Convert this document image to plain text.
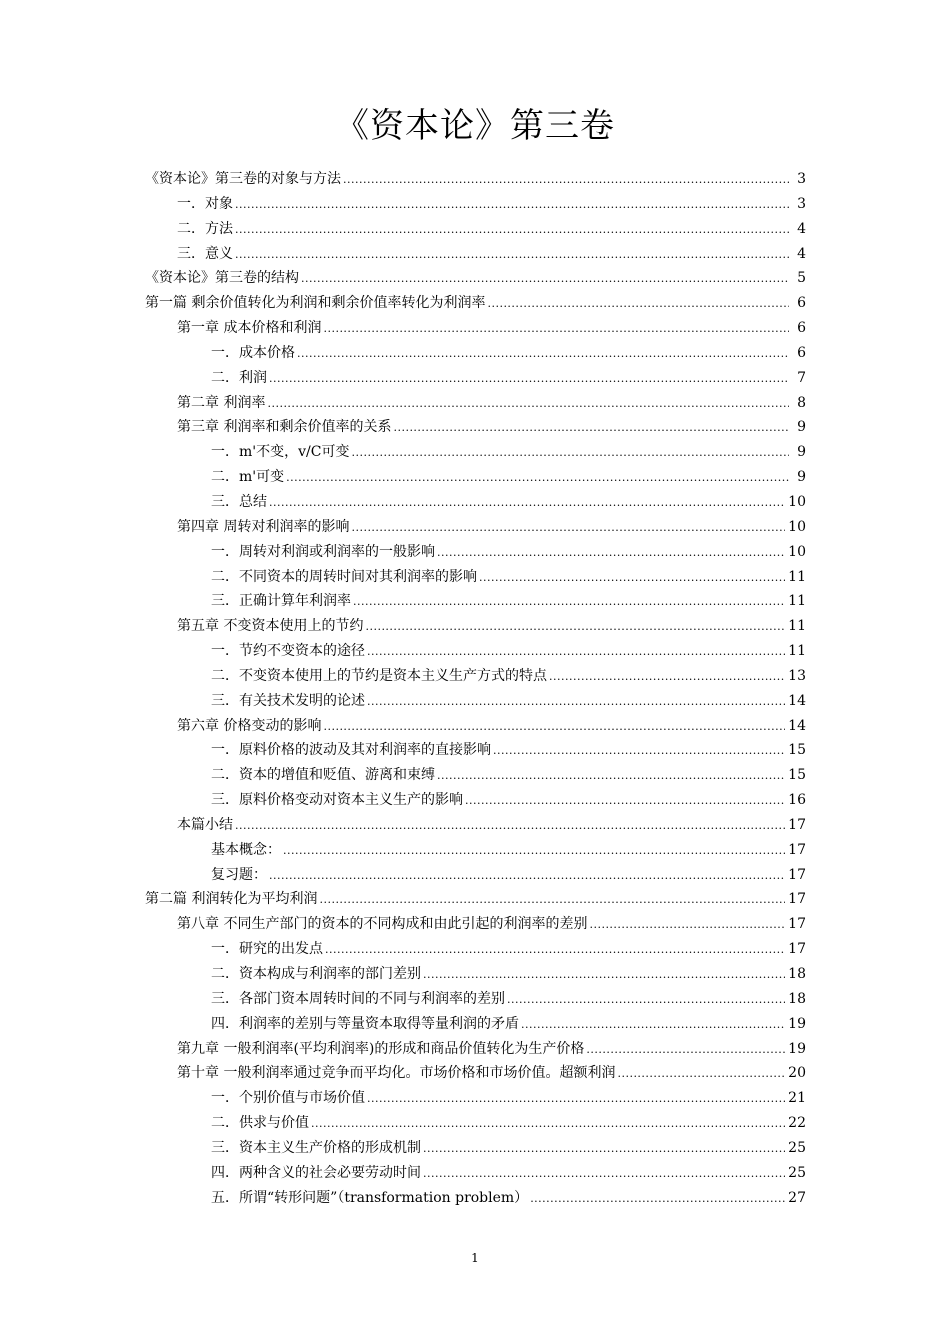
《资本论》第三卷
《资本论》第三卷的对象与方法 .....	3
一．对象 .....	3
二．方法 .....	4
三．意义 .....	4
《资本论》第三卷的结构 .....	5
第一篇 剩余价值转化为利润和剩余价值率转化为利润率 .....	6
第一章 成本价格和利润 .....	6
一．成本价格 .....	6
二．利润 .....	7
第二章 利润率 .....	8
第三章 利润率和剩余价值率的关系 .....	9
一．m'不变，v/C可变 .....	9
二．m'可变 .....	9
三．总结 .....	10
第四章 周转对利润率的影响 .....	10
一．周转对利润或利润率的一般影响 .....	10
二．不同资本的周转时间对其利润率的影响 .....	11
三．正确计算年利润率 .....	11
第五章 不变资本使用上的节约 .....	11
一．节约不变资本的途径 .....	11
二．不变资本使用上的节约是资本主义生产方式的特点 .....	13
三．有关技术发明的论述 .....	14
第六章 价格变动的影响 .....	14
一．原料价格的波动及其对利润率的直接影响 .....	15
二．资本的增值和贬值、游离和束缚 .....	15
三．原料价格变动对资本主义生产的影响 .....	16
本篇小结 .....	17
基本概念： .....	17
复习题： .....	17
第二篇 利润转化为平均利润 .....	17
第八章 不同生产部门的资本的不同构成和由此引起的利润率的差别 .....	17
一．研究的出发点 .....	17
二．资本构成与利润率的部门差别 .....	18
三．各部门资本周转时间的不同与利润率的差别 .....	18
四．利润率的差别与等量资本取得等量利润的矛盾 .....	19
第九章 一般利润率(平均利润率)的形成和商品价值转化为生产价格 .....	19
第十章 一般利润率通过竞争而平均化。市场价格和市场价值。超额利润 .....	20
一．个别价值与市场价值 .....	21
二．供求与价值 .....	22
三．资本主义生产价格的形成机制 .....	25
四．两种含义的社会必要劳动时间 .....	25
五．所谓“转形问题”（transformation problem） .....	27
1
